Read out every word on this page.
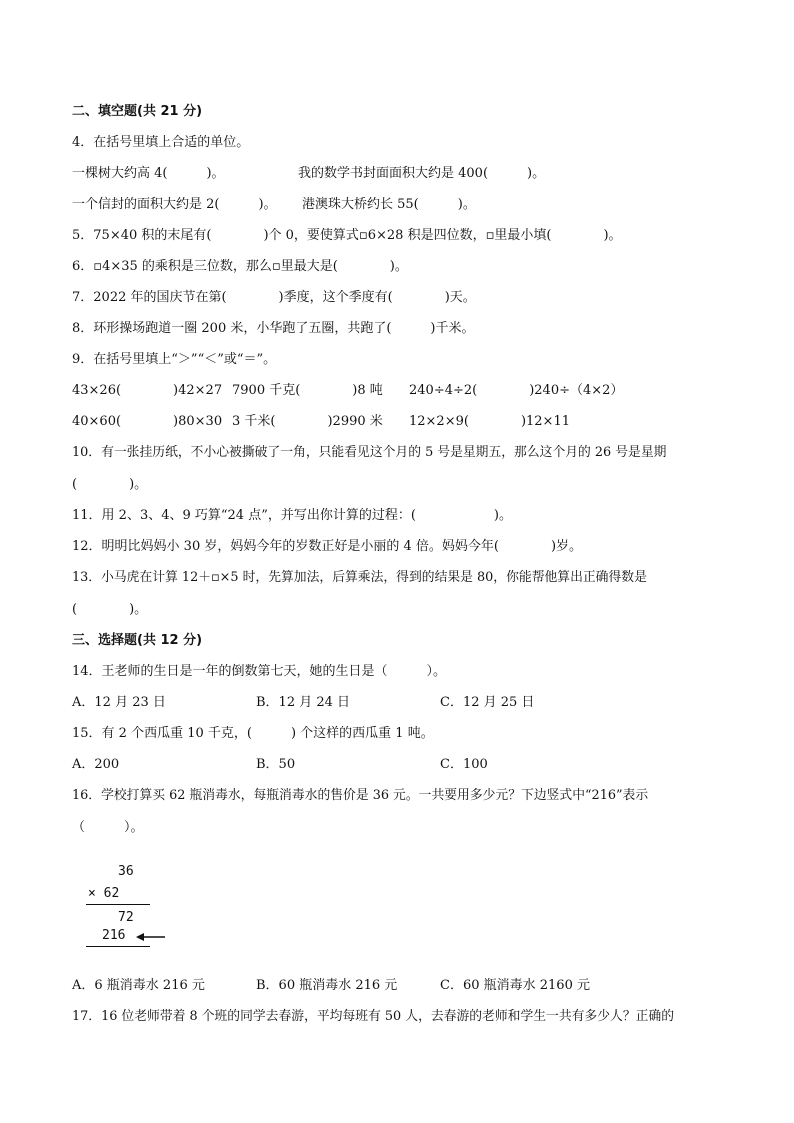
二、填空题(共 21 分)
4．在括号里填上合适的单位。
一棵树大约高 4(　　　)。	我的数学书封面面积大约是 400(　　　)。
一个信封的面积大约是 2(　　　)。 港澳珠大桥约长 55(　　　)。
5．75×40 积的末尾有(　　　　)个 0，要使算式▫6×28 积是四位数，▫里最小填(　　　　)。
6．▫4×35 的乘积是三位数，那么▫里最大是(　　　　)。
7．2022 年的国庆节在第(　　　　)季度，这个季度有(　　　　)天。
8．环形操场跑道一圈 200 米，小华跑了五圈，共跑了(　　　)千米。
9．在括号里填上“＞”“＜”或“＝”。
43×26(　　　　)42×27 7900 千克(　　　　)8 吨 240÷4÷2(　　　　)240÷（4×2）
40×60(　　　　)80×30 3 千米(　　　　)2990 米 12×2×9(　　　　)12×11
10．有一张挂历纸，不小心被撕破了一角，只能看见这个月的 5 号是星期五，那么这个月的 26 号是星期
(　　　　)。
11．用 2、3、4、9 巧算“24 点”，并写出你计算的过程：(　　　　　　)。
12．明明比妈妈小 30 岁，妈妈今年的岁数正好是小丽的 4 倍。妈妈今年(　　　　)岁。
13．小马虎在计算 12＋▫×5 时，先算加法，后算乘法，得到的结果是 80，你能帮他算出正确得数是
(　　　　)。
三、选择题(共 12 分)
14．王老师的生日是一年的倒数第七天，她的生日是（　　　）。
A．12 月 23 日	B．12 月 24 日	C．12 月 25 日
15．有 2 个西瓜重 10 千克，(　　　) 个这样的西瓜重 1 吨。
A．200	B．50	C．100
16．学校打算买 62 瓶消毒水，每瓶消毒水的售价是 36 元。一共要用多少元？下边竖式中“216”表示
（　　　）。
36
× 62
72
216
A．6 瓶消毒水 216 元	B．60 瓶消毒水 216 元	C．60 瓶消毒水 2160 元
17．16 位老师带着 8 个班的同学去春游，平均每班有 50 人，去春游的老师和学生一共有多少人？正确的
